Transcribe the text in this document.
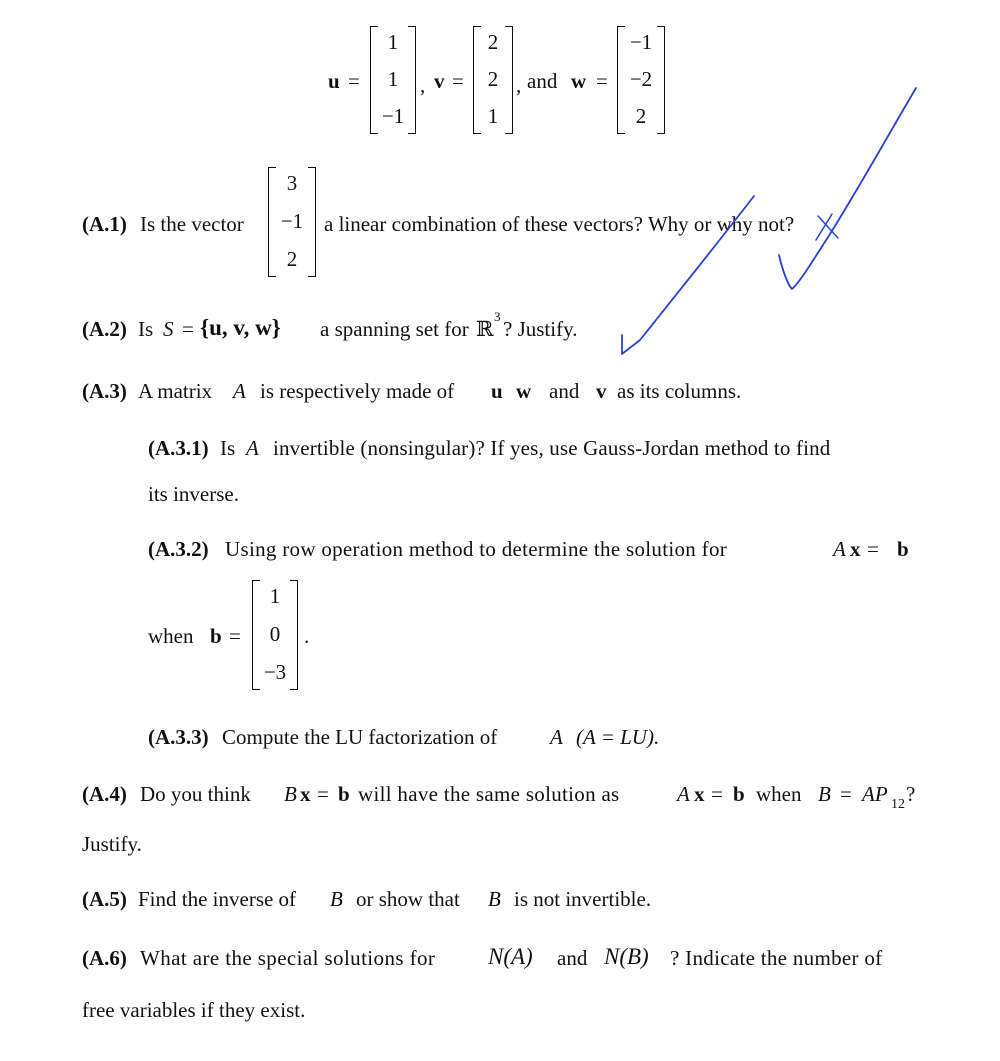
u =
1
1
−1
, v =
2
2
1
, and w =
−1
−2
2
(A.1) Is the vector
3
−1
2
a linear combination of these vectors? Why or why not?
(A.2) Is S = {u, v, w} a spanning set for ℝ
3
? Justify.
(A.3) A matrix A is respectively made of u w and v as its columns.
(A.3.1) Is A invertible (nonsingular)? If yes, use Gauss-Jordan method to find
its inverse.
(A.3.2) Using row operation method to determine the solution for	A x = b
when b =
1
0
−3
.
(A.3.3) Compute the LU factorization of	A (A = LU).
(A.4) Do you think B x = b will have the same solution as	A x = b when B = AP 12 ?
Justify.
(A.5) Find the inverse of B or show that B is not invertible.
(A.6) What are the special solutions for N(A) and N(B) ? Indicate the number of
free variables if they exist.
